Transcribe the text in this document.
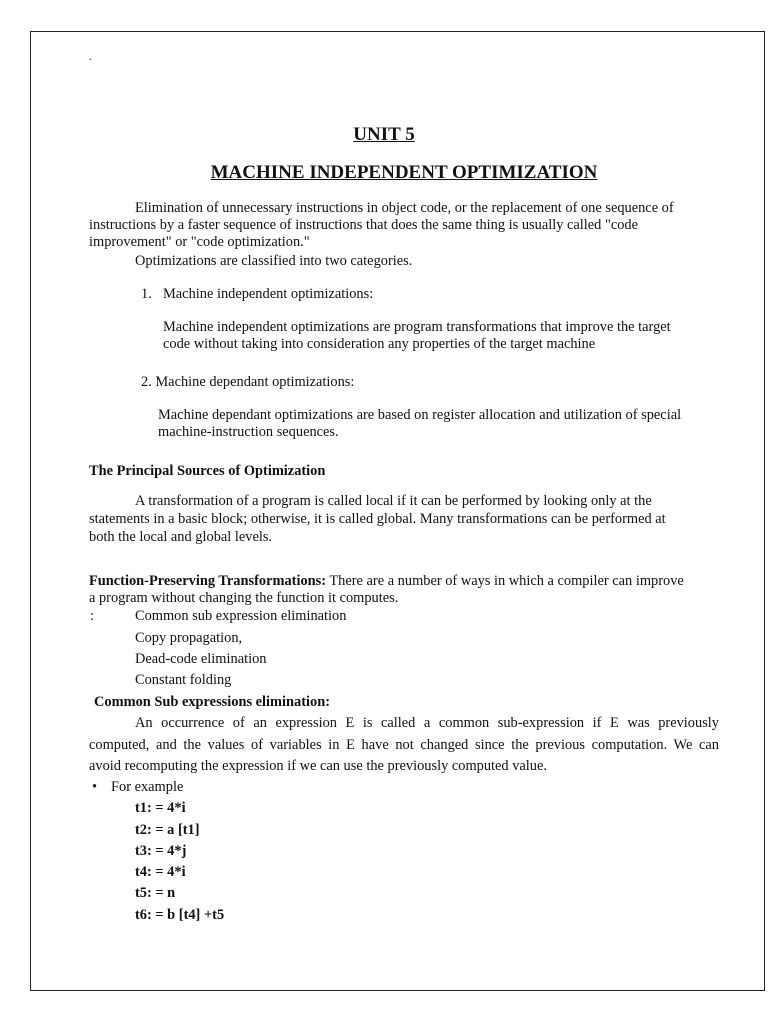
.
UNIT 5
MACHINE INDEPENDENT OPTIMIZATION
Elimination of unnecessary instructions in object code, or the replacement of one sequence of
instructions by a faster sequence of instructions that does the same thing is usually called "code
improvement" or "code optimization."
Optimizations are classified into two categories.
1. Machine independent optimizations:
Machine independent optimizations are program transformations that improve the target
code without taking into consideration any properties of the target machine
2. Machine dependant optimizations:
Machine dependant optimizations are based on register allocation and utilization of special
machine-instruction sequences.
The Principal Sources of Optimization
A transformation of a program is called local if it can be performed by looking only at the
statements in a basic block; otherwise, it is called global. Many transformations can be performed at
both the local and global levels.
Function-Preserving Transformations: There are a number of ways in which a compiler can improve
a program without changing the function it computes.
:	Common sub expression elimination
Copy propagation,
Dead-code elimination
Constant folding
Common Sub expressions elimination:
An occurrence of an expression E is called a common sub-expression if E was previously
computed, and the values of variables in E have not changed since the previous computation. We can
avoid recomputing the expression if we can use the previously computed value.
• For example
t1: = 4*i
t2: = a [t1]
t3: = 4*j
t4: = 4*i
t5: = n
t6: = b [t4] +t5
